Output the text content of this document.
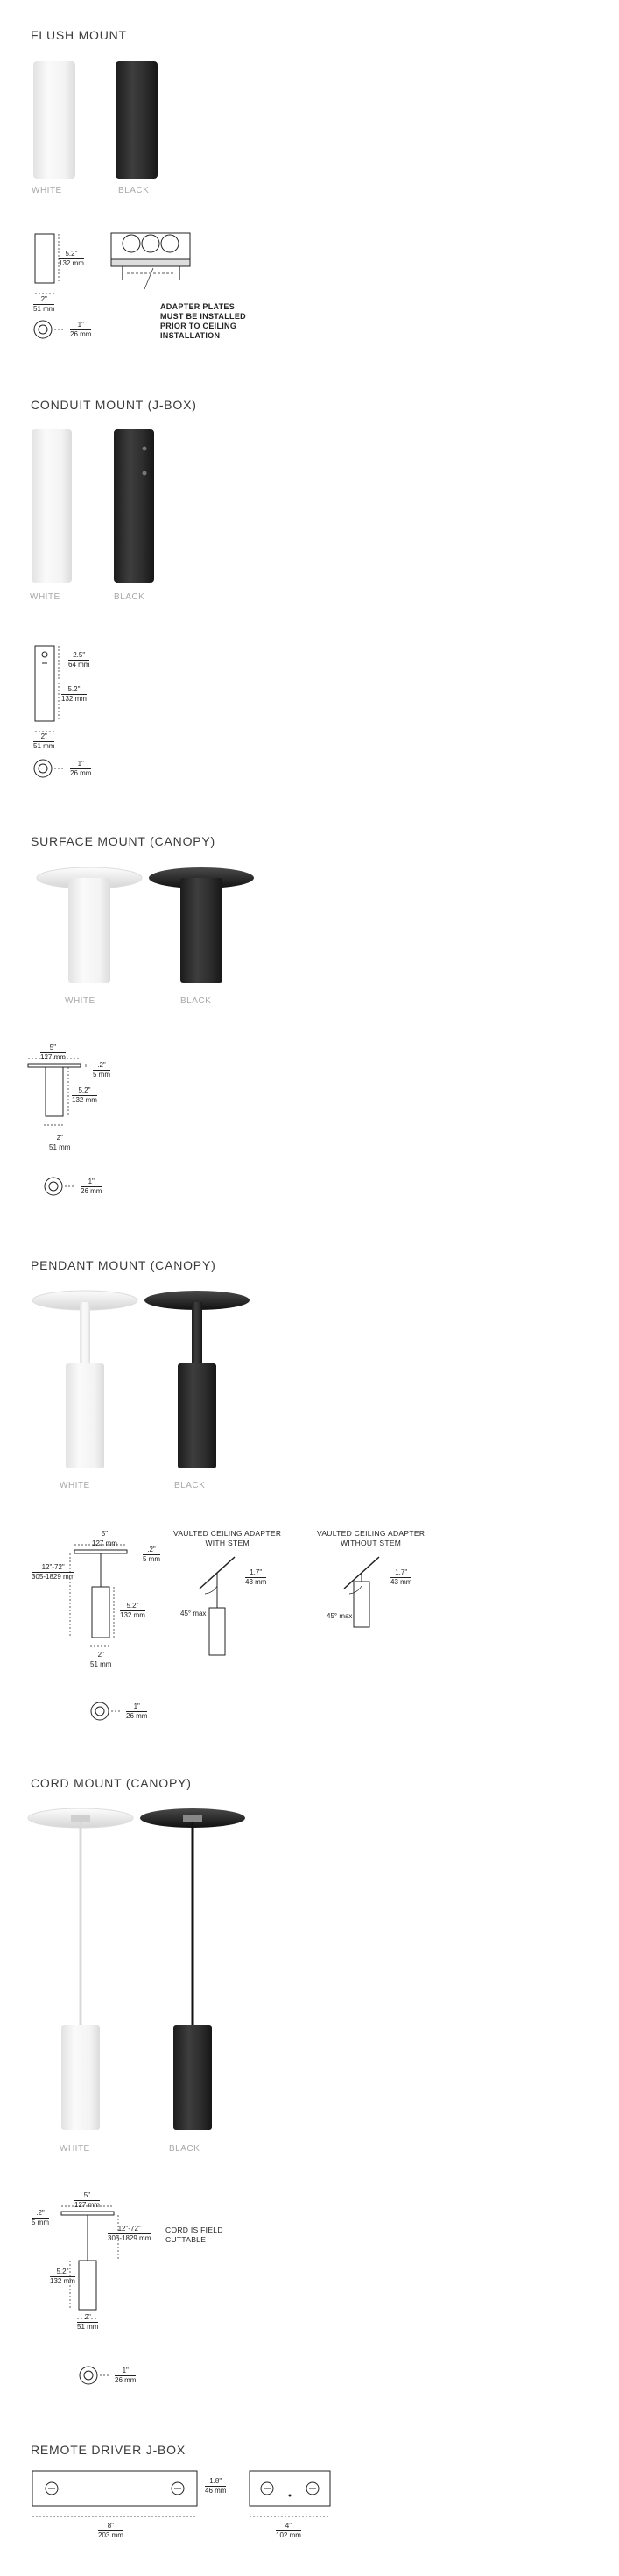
FLUSH MOUNT
WHITE	BLACK
5.2"
132 mm
2"
51 mm
1"
26 mm
ADAPTER PLATES
MUST BE INSTALLED
PRIOR TO CEILING
INSTALLATION
CONDUIT MOUNT (J-BOX)
WHITE	BLACK
2.5"
64 mm
5.2"
132 mm
2"
51 mm
1"
26 mm
SURFACE MOUNT (CANOPY)
WHITE	BLACK
5"
127 mm
.2"
5 mm
5.2"
132 mm
2"
51 mm
1"
26 mm
PENDANT MOUNT (CANOPY)
WHITE	BLACK
5"
127 mm
.2"
5 mm
12"-72"
305-1829 mm
5.2"
132 mm
2"
51 mm
1"
26 mm
VAULTED CEILING ADAPTER
WITH STEM
1.7"
43 mm
45° max
VAULTED CEILING ADAPTER
WITHOUT STEM
1.7"
43 mm
45° max
CORD MOUNT (CANOPY)
WHITE	BLACK
5"
127 mm
.2"
5 mm
12"-72"
305-1829 mm
CORD IS FIELD
CUTTABLE
5.2"
132 mm
2"
51 mm
1"
26 mm
REMOTE DRIVER J-BOX
1.8"
46 mm
8"
203 mm
4"
102 mm
